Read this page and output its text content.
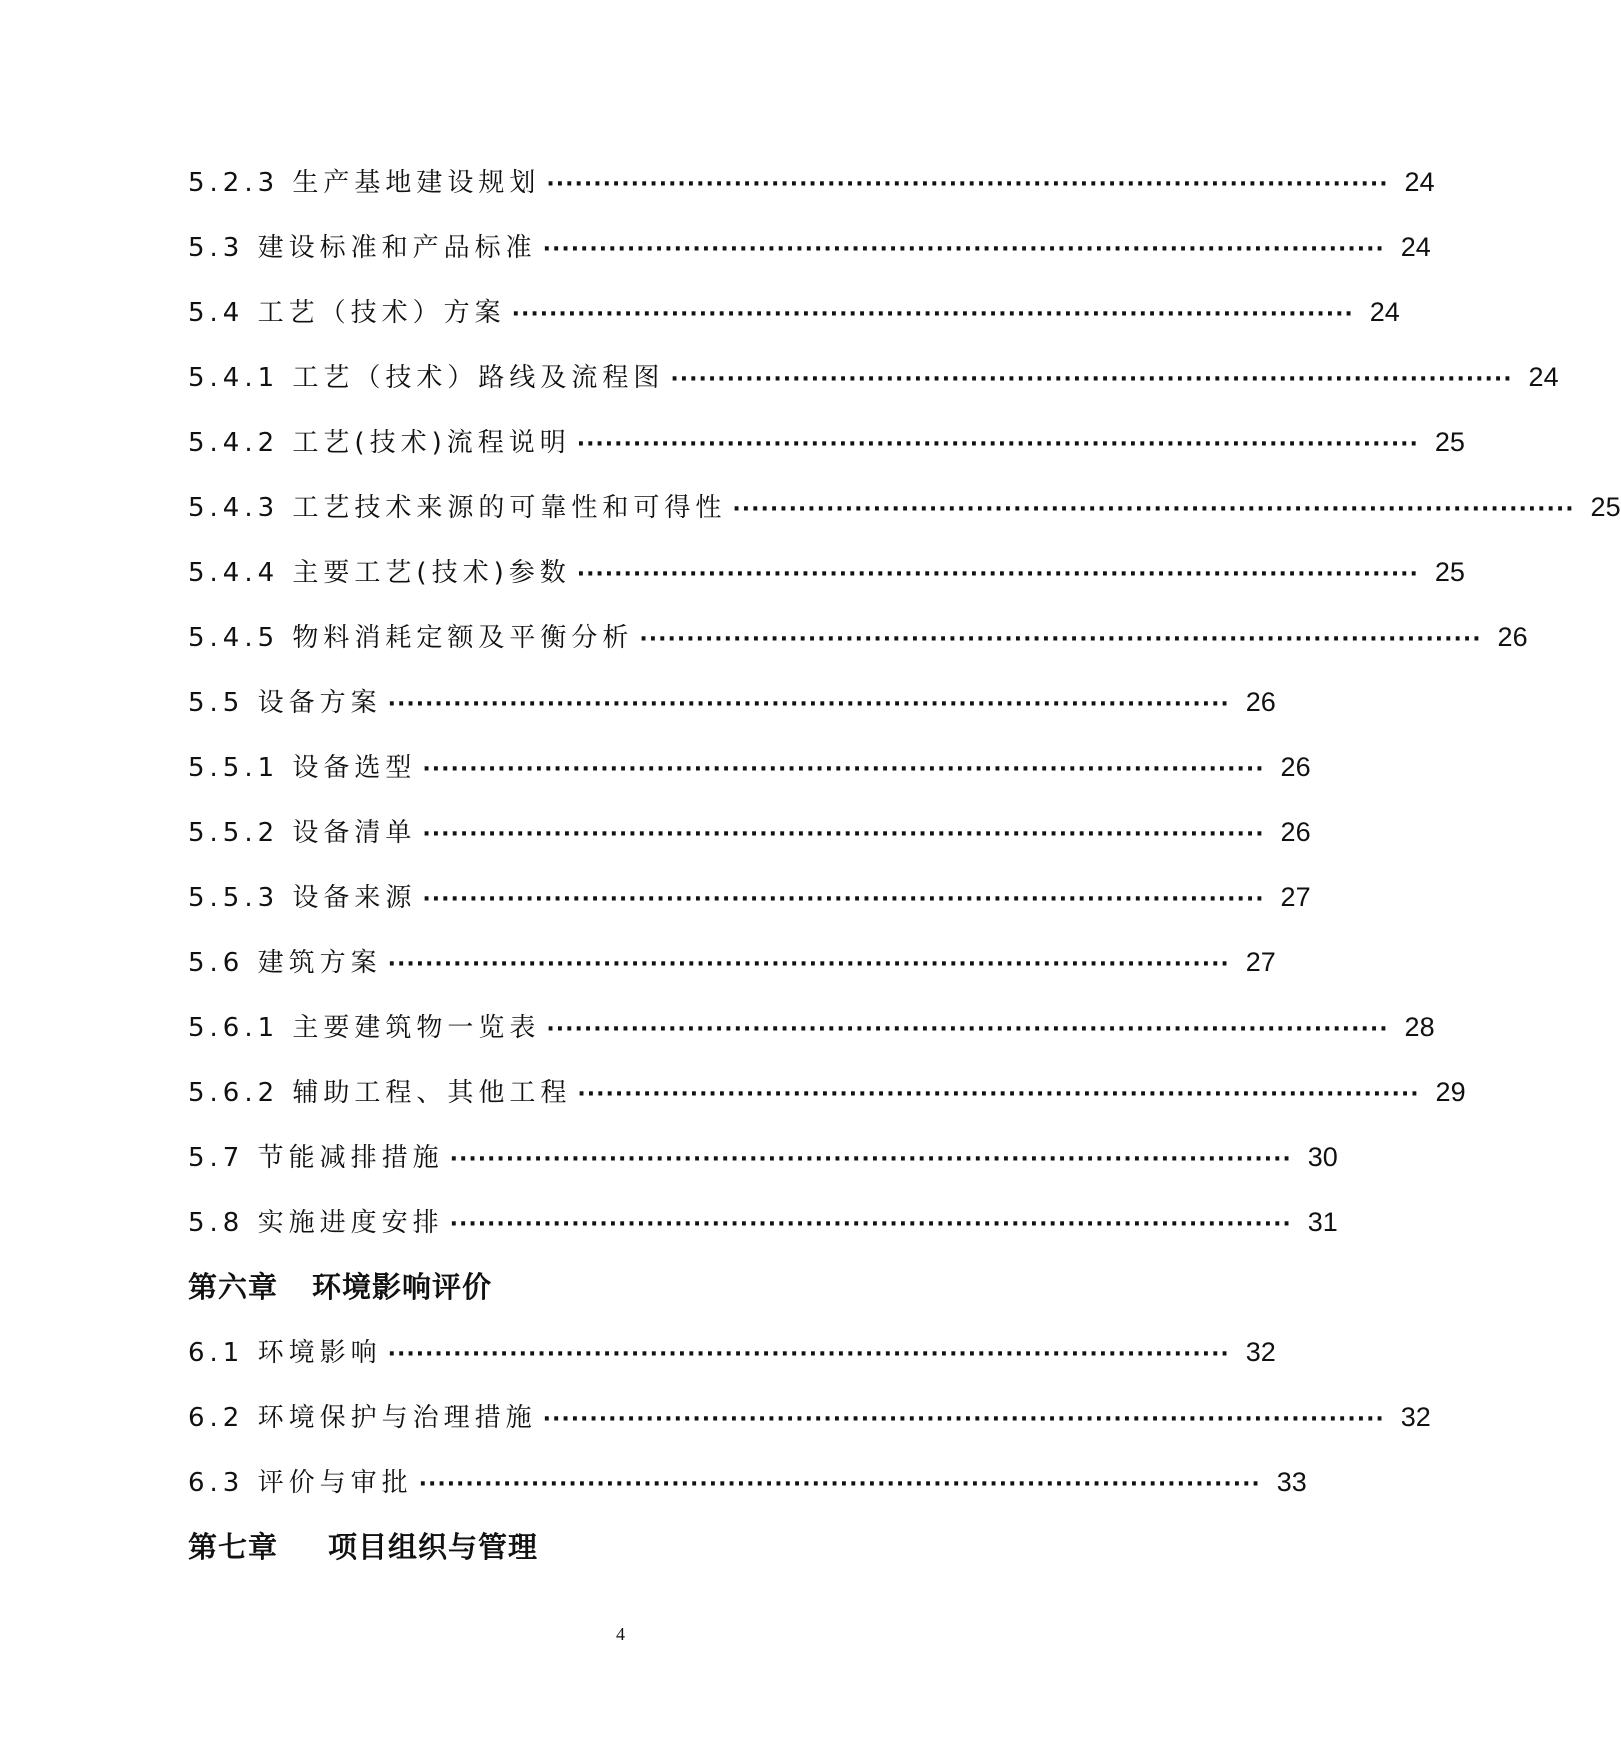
5.2.3 生产基地建设规划 ·························································································· 24
5.3 建设标准和产品标准 ·························································································· 24
5.4 工艺（技术）方案 ·························································································· 24
5.4.1 工艺（技术）路线及流程图 ·························································································· 24
5.4.2 工艺(技术)流程说明 ·························································································· 25
5.4.3 工艺技术来源的可靠性和可得性 ·························································································· 25
5.4.4 主要工艺(技术)参数 ·························································································· 25
5.4.5 物料消耗定额及平衡分析 ·························································································· 26
5.5 设备方案 ·························································································· 26
5.5.1 设备选型 ·························································································· 26
5.5.2 设备清单 ·························································································· 26
5.5.3 设备来源 ·························································································· 27
5.6 建筑方案 ·························································································· 27
5.6.1 主要建筑物一览表 ·························································································· 28
5.6.2 辅助工程、其他工程 ·························································································· 29
5.7 节能减排措施 ·························································································· 30
5.8 实施进度安排 ·························································································· 31
第六章 环境影响评价
6.1 环境影响 ·························································································· 32
6.2 环境保护与治理措施 ·························································································· 32
6.3 评价与审批 ·························································································· 33
第七章 项目组织与管理
4
